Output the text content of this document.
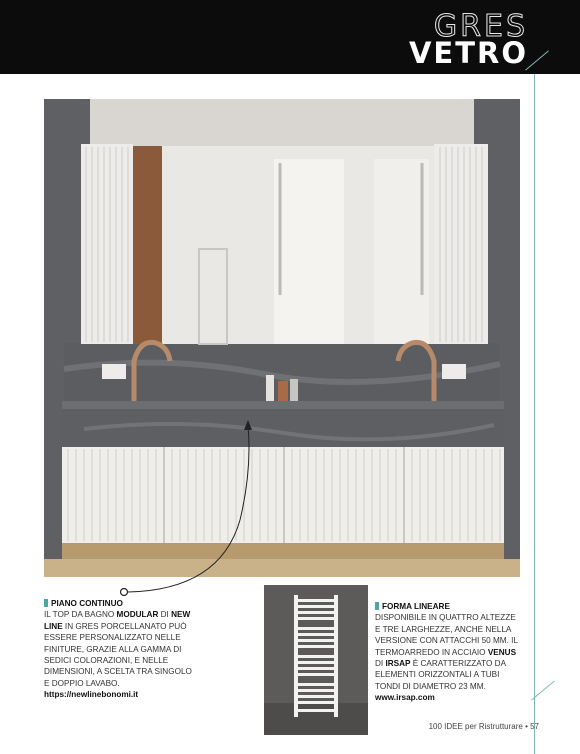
GRES
VETRO
PIANO CONTINUO
IL TOP DA BAGNO MODULAR DI NEW LINE IN GRES PORCELLANATO PUÒ ESSERE PERSONALIZZATO NELLE FINITURE, GRAZIE ALLA GAMMA DI SEDICI COLORAZIONI, E NELLE DIMENSIONI, A SCELTA TRA SINGOLO E DOPPIO LAVABO.
https://newlinebonomi.it
FORMA LINEARE
DISPONIBILE IN QUATTRO ALTEZZE E TRE LARGHEZZE, ANCHE NELLA VERSIONE CON ATTACCHI 50 MM. IL TERMOARREDO IN ACCIAIO VENUS DI IRSAP È CARATTERIZZATO DA ELEMENTI ORIZZONTALI A TUBI TONDI DI DIAMETRO 23 MM.
www.irsap.com
100 IDEE per Ristrutturare • 57
